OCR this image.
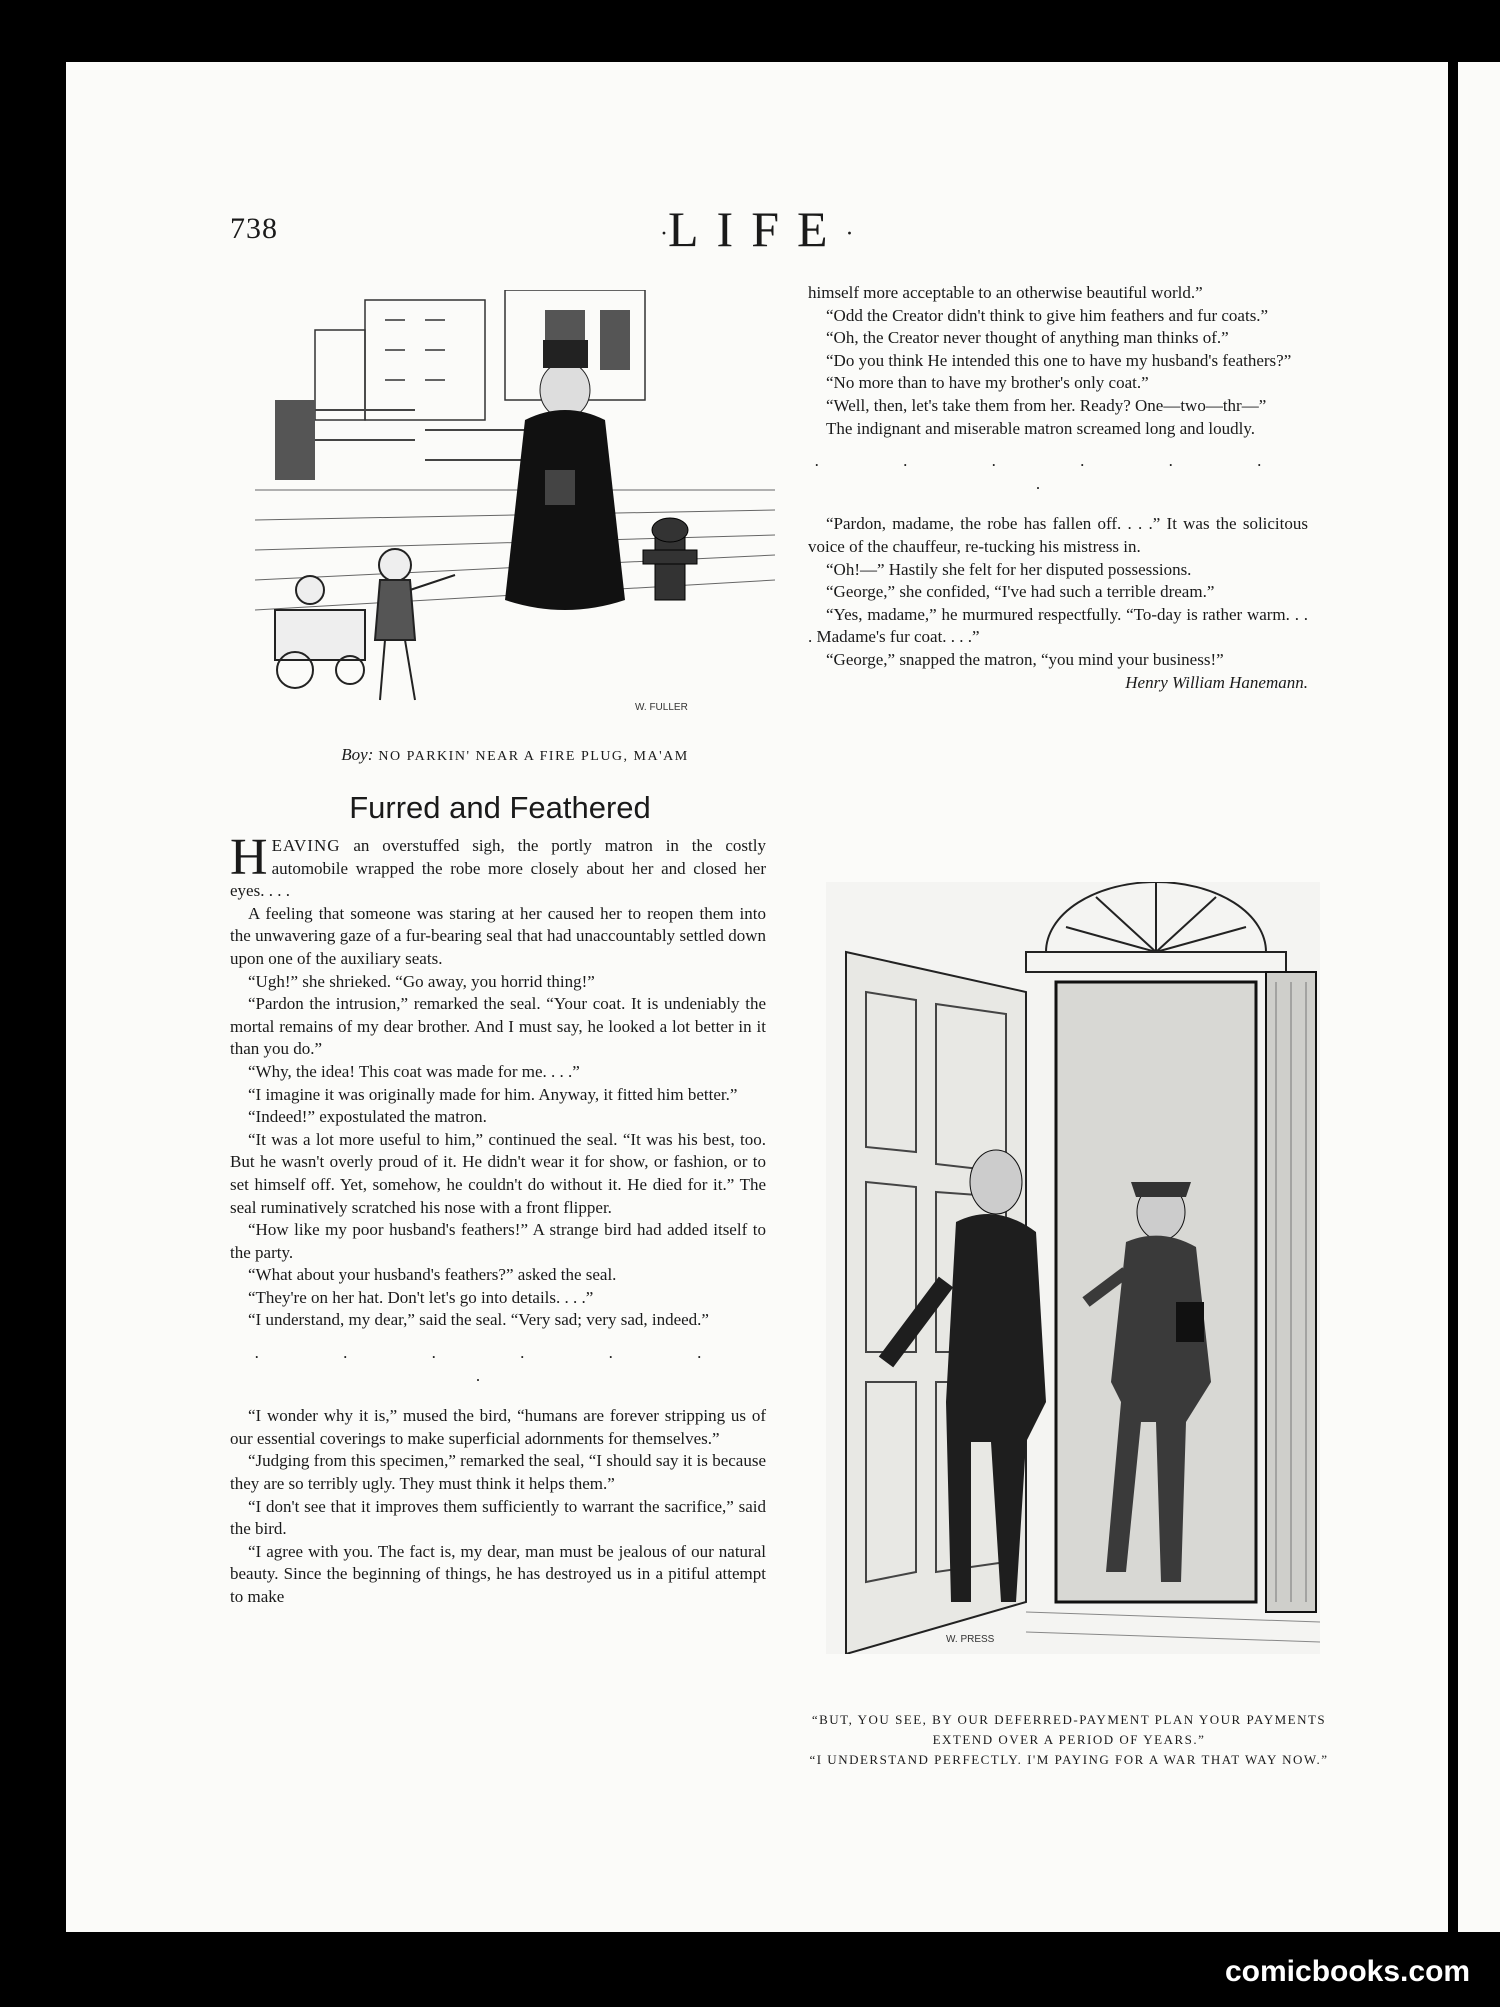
738	·LIFE·
W. FULLER
Boy: NO PARKIN' NEAR A FIRE PLUG, MA'AM
Furred and Feathered

HEAVING an overstuffed sigh, the portly matron in the costly automobile wrapped the robe more closely about her and closed her eyes. . . .

A feeling that someone was staring at her caused her to reopen them into the unwavering gaze of a fur-bearing seal that had unaccountably settled down upon one of the auxiliary seats.

“Ugh!” she shrieked. “Go away, you horrid thing!”

“Pardon the intrusion,” remarked the seal. “Your coat. It is undeniably the mortal remains of my dear brother. And I must say, he looked a lot better in it than you do.”

“Why, the idea! This coat was made for me. . . .”

“I imagine it was originally made for him. Anyway, it fitted him better.”

“Indeed!” expostulated the matron.

“It was a lot more useful to him,” continued the seal. “It was his best, too. But he wasn't overly proud of it. He didn't wear it for show, or fashion, or to set himself off. Yet, somehow, he couldn't do without it. He died for it.” The seal ruminatively scratched his nose with a front flipper.

“How like my poor husband's feathers!” A strange bird had added itself to the party.

“What about your husband's feathers?” asked the seal.

“They're on her hat. Don't let's go into details. . . .”

“I understand, my dear,” said the seal. “Very sad; very sad, indeed.”

. . . . . . .

“I wonder why it is,” mused the bird, “humans are forever stripping us of our essential coverings to make superficial adornments for themselves.”

“Judging from this specimen,” remarked the seal, “I should say it is because they are so terribly ugly. They must think it helps them.”

“I don't see that it improves them sufficiently to warrant the sacrifice,” said the bird.

“I agree with you. The fact is, my dear, man must be jealous of our natural beauty. Since the beginning of things, he has destroyed us in a pitiful attempt to make

himself more acceptable to an otherwise beautiful world.”

“Odd the Creator didn't think to give him feathers and fur coats.”

“Oh, the Creator never thought of anything man thinks of.”

“Do you think He intended this one to have my husband's feathers?”

“No more than to have my brother's only coat.”

“Well, then, let's take them from her. Ready? One—two—thr—”

The indignant and miserable matron screamed long and loudly.

. . . . . . .

“Pardon, madame, the robe has fallen off. . . .” It was the solicitous voice of the chauffeur, re-tucking his mistress in.

“Oh!—” Hastily she felt for her disputed possessions.

“George,” she confided, “I've had such a terrible dream.”

“Yes, madame,” he murmured respectfully. “To-day is rather warm. . . . Madame's fur coat. . . .”

“George,” snapped the matron, “you mind your business!”

Henry William Hanemann.
W. PRESS

“BUT, YOU SEE, BY OUR DEFERRED-PAYMENT PLAN YOUR PAYMENTS EXTEND OVER A PERIOD OF YEARS.”

“I UNDERSTAND PERFECTLY. I'M PAYING FOR A WAR THAT WAY NOW.”

comicbooks.com
